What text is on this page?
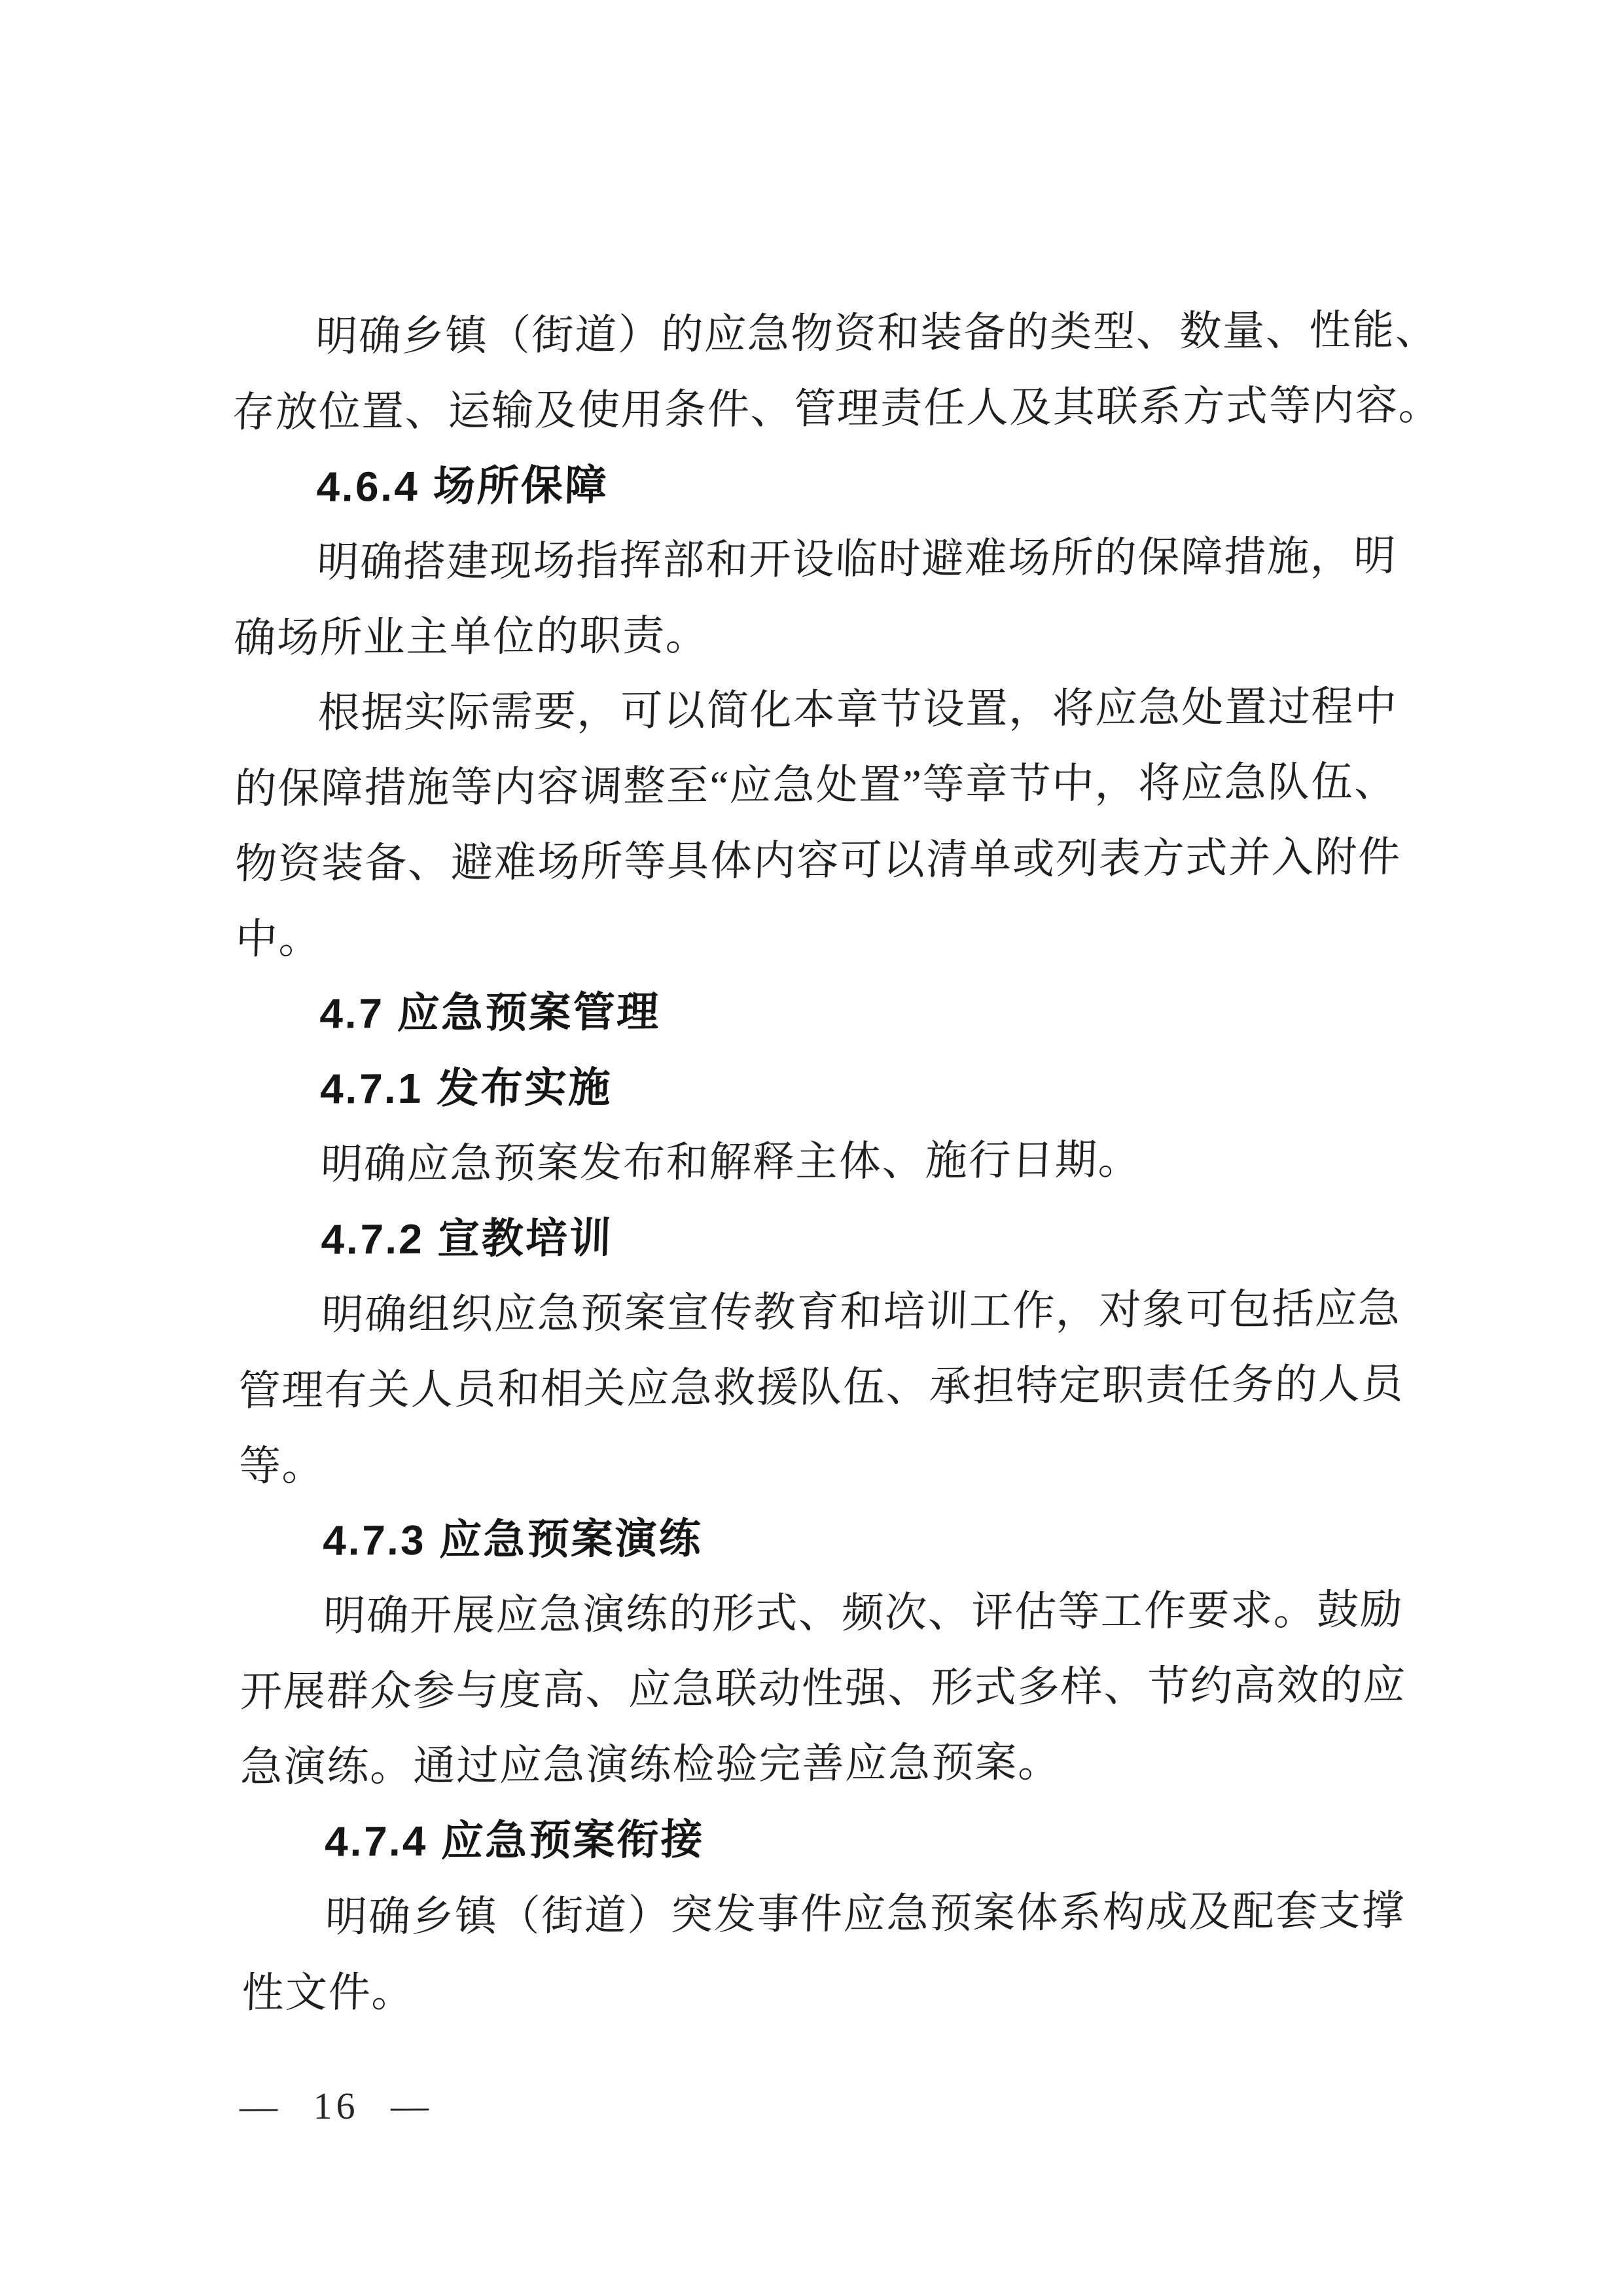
明确乡镇（街道）的应急物资和装备的类型、数量、性能、
存放位置、运输及使用条件、管理责任人及其联系方式等内容。
4.6.4 场所保障
明确搭建现场指挥部和开设临时避难场所的保障措施，明
确场所业主单位的职责。
根据实际需要，可以简化本章节设置，将应急处置过程中
的保障措施等内容调整至“应急处置”等章节中，将应急队伍、
物资装备、避难场所等具体内容可以清单或列表方式并入附件
中。
4.7 应急预案管理
4.7.1 发布实施
明确应急预案发布和解释主体、施行日期。
4.7.2 宣教培训
明确组织应急预案宣传教育和培训工作，对象可包括应急
管理有关人员和相关应急救援队伍、承担特定职责任务的人员
等。
4.7.3 应急预案演练
明确开展应急演练的形式、频次、评估等工作要求。鼓励
开展群众参与度高、应急联动性强、形式多样、节约高效的应
急演练。通过应急演练检验完善应急预案。
4.7.4 应急预案衔接
明确乡镇（街道）突发事件应急预案体系构成及配套支撑
性文件。
— 16 —
